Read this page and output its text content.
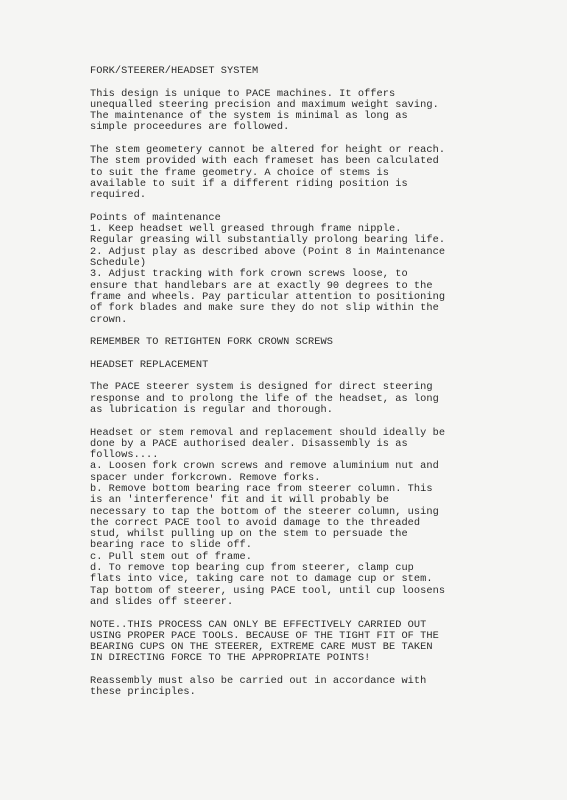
FORK/STEERER/HEADSET SYSTEM
This design is unique to PACE machines. It offers
unequalled steering precision and maximum weight saving.
The maintenance of the system is minimal as long as
simple proceedures are followed.
The stem geometery cannot be altered for height or reach.
The stem provided with each frameset has been calculated
to suit the frame geometry. A choice of stems is
available to suit if a different riding position is
required.
Points of maintenance
1. Keep headset well greased through frame nipple.
Regular greasing will substantially prolong bearing life.
2. Adjust play as described above (Point 8 in Maintenance
Schedule)
3. Adjust tracking with fork crown screws loose, to
ensure that handlebars are at exactly 90 degrees to the
frame and wheels. Pay particular attention to positioning
of fork blades and make sure they do not slip within the
crown.
REMEMBER TO RETIGHTEN FORK CROWN SCREWS
HEADSET REPLACEMENT
The PACE steerer system is designed for direct steering
response and to prolong the life of the headset, as long
as lubrication is regular and thorough.
Headset or stem removal and replacement should ideally be
done by a PACE authorised dealer. Disassembly is as
follows....
a. Loosen fork crown screws and remove aluminium nut and
spacer under forkcrown. Remove forks.
b. Remove bottom bearing race from steerer column. This
is an 'interference' fit and it will probably be
necessary to tap the bottom of the steerer column, using
the correct PACE tool to avoid damage to the threaded
stud, whilst pulling up on the stem to persuade the
bearing race to slide off.
c. Pull stem out of frame.
d. To remove top bearing cup from steerer, clamp cup
flats into vice, taking care not to damage cup or stem.
Tap bottom of steerer, using PACE tool, until cup loosens
and slides off steerer.
NOTE..THIS PROCESS CAN ONLY BE EFFECTIVELY CARRIED OUT
USING PROPER PACE TOOLS. BECAUSE OF THE TIGHT FIT OF THE
BEARING CUPS ON THE STEERER, EXTREME CARE MUST BE TAKEN
IN DIRECTING FORCE TO THE APPROPRIATE POINTS!
Reassembly must also be carried out in accordance with
these principles.
